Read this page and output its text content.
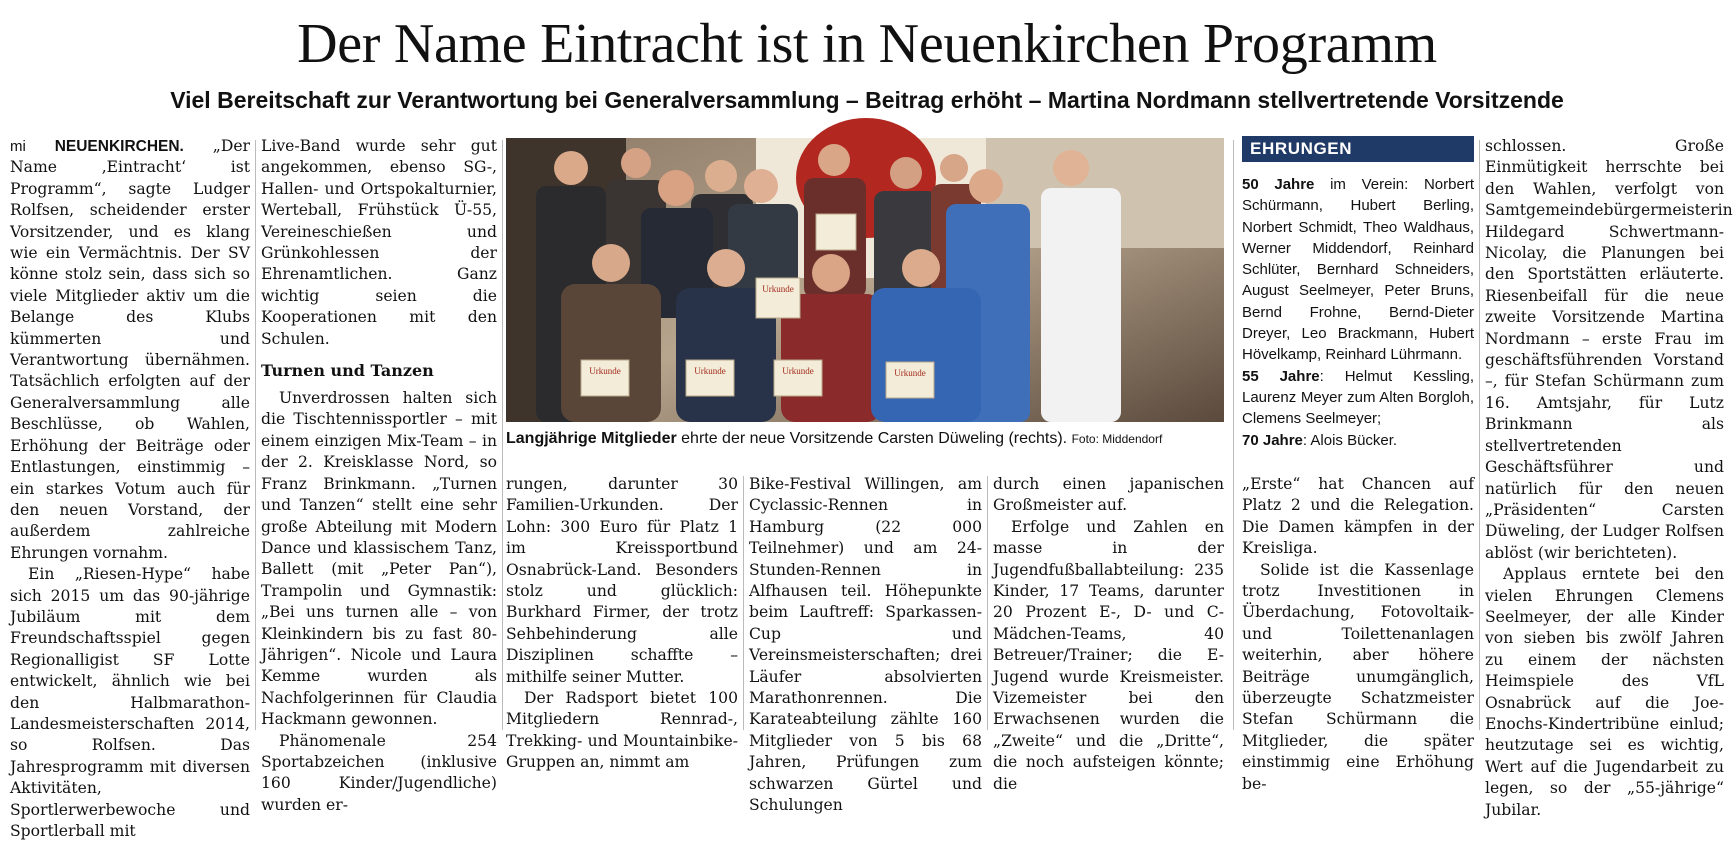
Der Name Eintracht ist in Neuenkirchen Programm
Viel Bereitschaft zur Verantwortung bei Generalversammlung – Beitrag erhöht – Martina Nordmann stellvertretende Vorsitzende

mi NEUENKIRCHEN. „Der Name ‚Eintracht‘ ist Programm“, sagte Ludger Rolfsen, scheidender erster Vorsitzender, und es klang wie ein Vermächtnis. Der SV könne stolz sein, dass sich so viele Mitglieder aktiv um die Belange des Klubs kümmerten und Verantwortung übernähmen. Tatsächlich erfolgten auf der Generalversammlung alle Beschlüsse, ob Wahlen, Erhöhung der Beiträge oder Entlastungen, einstimmig – ein starkes Votum auch für den neuen Vorstand, der außerdem zahlreiche Ehrungen vornahm.

Ein „Riesen-Hype“ habe sich 2015 um das 90-jährige Jubiläum mit dem Freundschaftsspiel gegen Regionalligist SF Lotte entwickelt, ähnlich wie bei den Halbmarathon-Landesmeisterschaften 2014, so Rolfsen. Das Jahresprogramm mit diversen Aktivitäten, Sportlerwerbewoche und Sportlerball mit

Live-Band wurde sehr gut angekommen, ebenso SG-, Hallen- und Ortspokalturnier, Werteball, Frühstück Ü-55, Vereineschießen und Grünkohlessen der Ehrenamtlichen. Ganz wichtig seien die Kooperationen mit den Schulen.

Turnen und Tanzen

Unverdrossen halten sich die Tischtennissportler – mit einem einzigen Mix-Team – in der 2. Kreisklasse Nord, so Franz Brinkmann. „Turnen und Tanzen“ stellt eine sehr große Abteilung mit Modern Dance und klassischem Tanz, Ballett (mit „Peter Pan“), Trampolin und Gymnastik: „Bei uns turnen alle – von Kleinkindern bis zu fast 80-Jährigen“. Nicole und Laura Kemme wurden als Nachfolgerinnen für Claudia Hackmann gewonnen.

Phänomenale 254 Sportabzeichen (inklusive 160 Kinder/Jugendliche) wurden er-

Urkunde	Urkunde	Urkunde	Urkunde
Urkunde
Langjährige Mitglieder ehrte der neue Vorsitzende Carsten Düweling (rechts). Foto: Middendorf

rungen, darunter 30 Familien-Urkunden. Der Lohn: 300 Euro für Platz 1 im Kreissportbund Osnabrück-Land. Besonders stolz und glücklich: Burkhard Firmer, der trotz Sehbehinderung alle Disziplinen schaffte – mithilfe seiner Mutter.

Der Radsport bietet 100 Mitgliedern Rennrad-, Trekking- und Mountainbike-Gruppen an, nimmt am

Bike-Festival Willingen, am Cyclassic-Rennen in Hamburg (22 000 Teilnehmer) und am 24-Stunden-Rennen in Alfhausen teil. Höhepunkte beim Lauftreff: Sparkassen-Cup und Vereinsmeisterschaften; drei Läufer absolvierten Marathonrennen. Die Karateabteilung zählte 160 Mitglieder von 5 bis 68 Jahren, Prüfungen zum schwarzen Gürtel und Schulungen

durch einen japanischen Großmeister auf.

Erfolge und Zahlen en masse in der Jugendfußballabteilung: 235 Kinder, 17 Teams, darunter 20 Prozent E-, D- und C-Mädchen-Teams, 40 Betreuer/Trainer; die E-Jugend wurde Kreismeister. Vizemeister bei den Erwachsenen wurden die „Zweite“ und die „Dritte“, die noch aufsteigen könnte; die

EHRUNGEN

50 Jahre im Verein: Norbert Schürmann, Hubert Berling, Norbert Schmidt, Theo Waldhaus, Werner Middendorf, Reinhard Schlüter, Bernhard Schneiders, August Seelmeyer, Peter Bruns, Bernd Frohne, Bernd-Dieter Dreyer, Leo Brackmann, Hubert Hövelkamp, Reinhard Lührmann.

55 Jahre: Helmut Kessling, Laurenz Meyer zum Alten Borgloh, Clemens Seelmeyer;

70 Jahre: Alois Bücker.

„Erste“ hat Chancen auf Platz 2 und die Relegation. Die Damen kämpfen in der Kreisliga.

Solide ist die Kassenlage trotz Investitionen in Überdachung, Fotovoltaik- und Toilettenanlagen weiterhin, aber höhere Beiträge unumgänglich, überzeugte Schatzmeister Stefan Schürmann die Mitglieder, die später einstimmig eine Erhöhung be-

schlossen. Große Einmütigkeit herrschte bei den Wahlen, verfolgt von Samtgemeindebürgermeisterin Hildegard Schwertmann-Nicolay, die Planungen bei den Sportstätten erläuterte. Riesenbeifall für die neue zweite Vorsitzende Martina Nordmann – erste Frau im geschäftsführenden Vorstand –, für Stefan Schürmann zum 16. Amtsjahr, für Lutz Brinkmann als stellvertretenden Geschäftsführer und natürlich für den neuen „Präsidenten“ Carsten Düweling, der Ludger Rolfsen ablöst (wir berichteten).

Applaus erntete bei den vielen Ehrungen Clemens Seelmeyer, der alle Kinder von sieben bis zwölf Jahren zu einem der nächsten Heimspiele des VfL Osnabrück auf die Joe-Enochs-Kindertribüne einlud; heutzutage sei es wichtig, Wert auf die Jugendarbeit zu legen, so der „55-jährige“ Jubilar.
